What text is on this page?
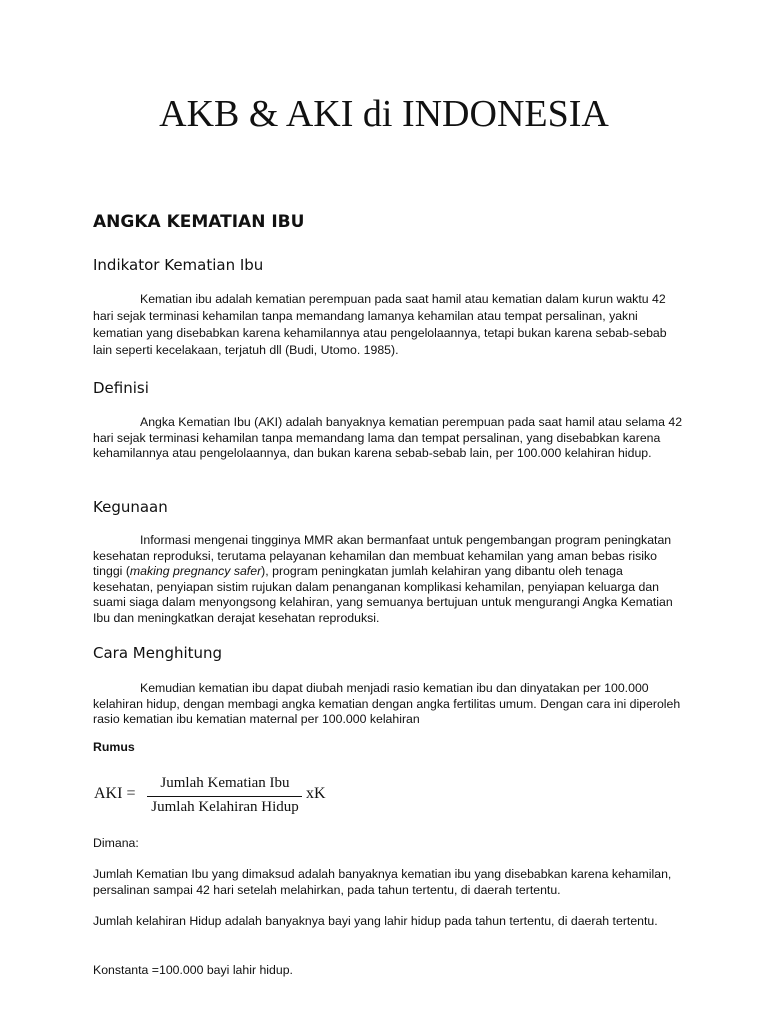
AKB & AKI di INDONESIA
ANGKA KEMATIAN IBU
Indikator Kematian Ibu

Kematian ibu adalah kematian perempuan pada saat hamil atau kematian dalam kurun waktu 42 hari sejak terminasi kehamilan tanpa memandang lamanya kehamilan atau tempat persalinan, yakni kematian yang disebabkan karena kehamilannya atau pengelolaannya, tetapi bukan karena sebab-sebab lain seperti kecelakaan, terjatuh dll (Budi, Utomo. 1985).

Definisi

Angka Kematian Ibu (AKI) adalah banyaknya kematian perempuan pada saat hamil atau selama 42 hari sejak terminasi kehamilan tanpa memandang lama dan tempat persalinan, yang disebabkan karena kehamilannya atau pengelolaannya, dan bukan karena sebab-sebab lain, per 100.000 kelahiran hidup.

Kegunaan

Informasi mengenai tingginya MMR akan bermanfaat untuk pengembangan program peningkatan kesehatan reproduksi, terutama pelayanan kehamilan dan membuat kehamilan yang aman bebas risiko tinggi (making pregnancy safer), program peningkatan jumlah kelahiran yang dibantu oleh tenaga kesehatan, penyiapan sistim rujukan dalam penanganan komplikasi kehamilan, penyiapan keluarga dan suami siaga dalam menyongsong kelahiran, yang semuanya bertujuan untuk mengurangi Angka Kematian Ibu dan meningkatkan derajat kesehatan reproduksi.

Cara Menghitung

Kemudian kematian ibu dapat diubah menjadi rasio kematian ibu dan dinyatakan per 100.000 kelahiran hidup, dengan membagi angka kematian dengan angka fertilitas umum. Dengan cara ini diperoleh rasio kematian ibu kematian maternal per 100.000 kelahiran

Rumus

AKI =
Jumlah Kematian Ibu
Jumlah Kelahiran Hidup
xK

Dimana:

Jumlah Kematian Ibu yang dimaksud adalah banyaknya kematian ibu yang disebabkan karena kehamilan, persalinan sampai 42 hari setelah melahirkan, pada tahun tertentu, di daerah tertentu.

Jumlah kelahiran Hidup adalah banyaknya bayi yang lahir hidup pada tahun tertentu, di daerah tertentu.

Konstanta =100.000 bayi lahir hidup.
